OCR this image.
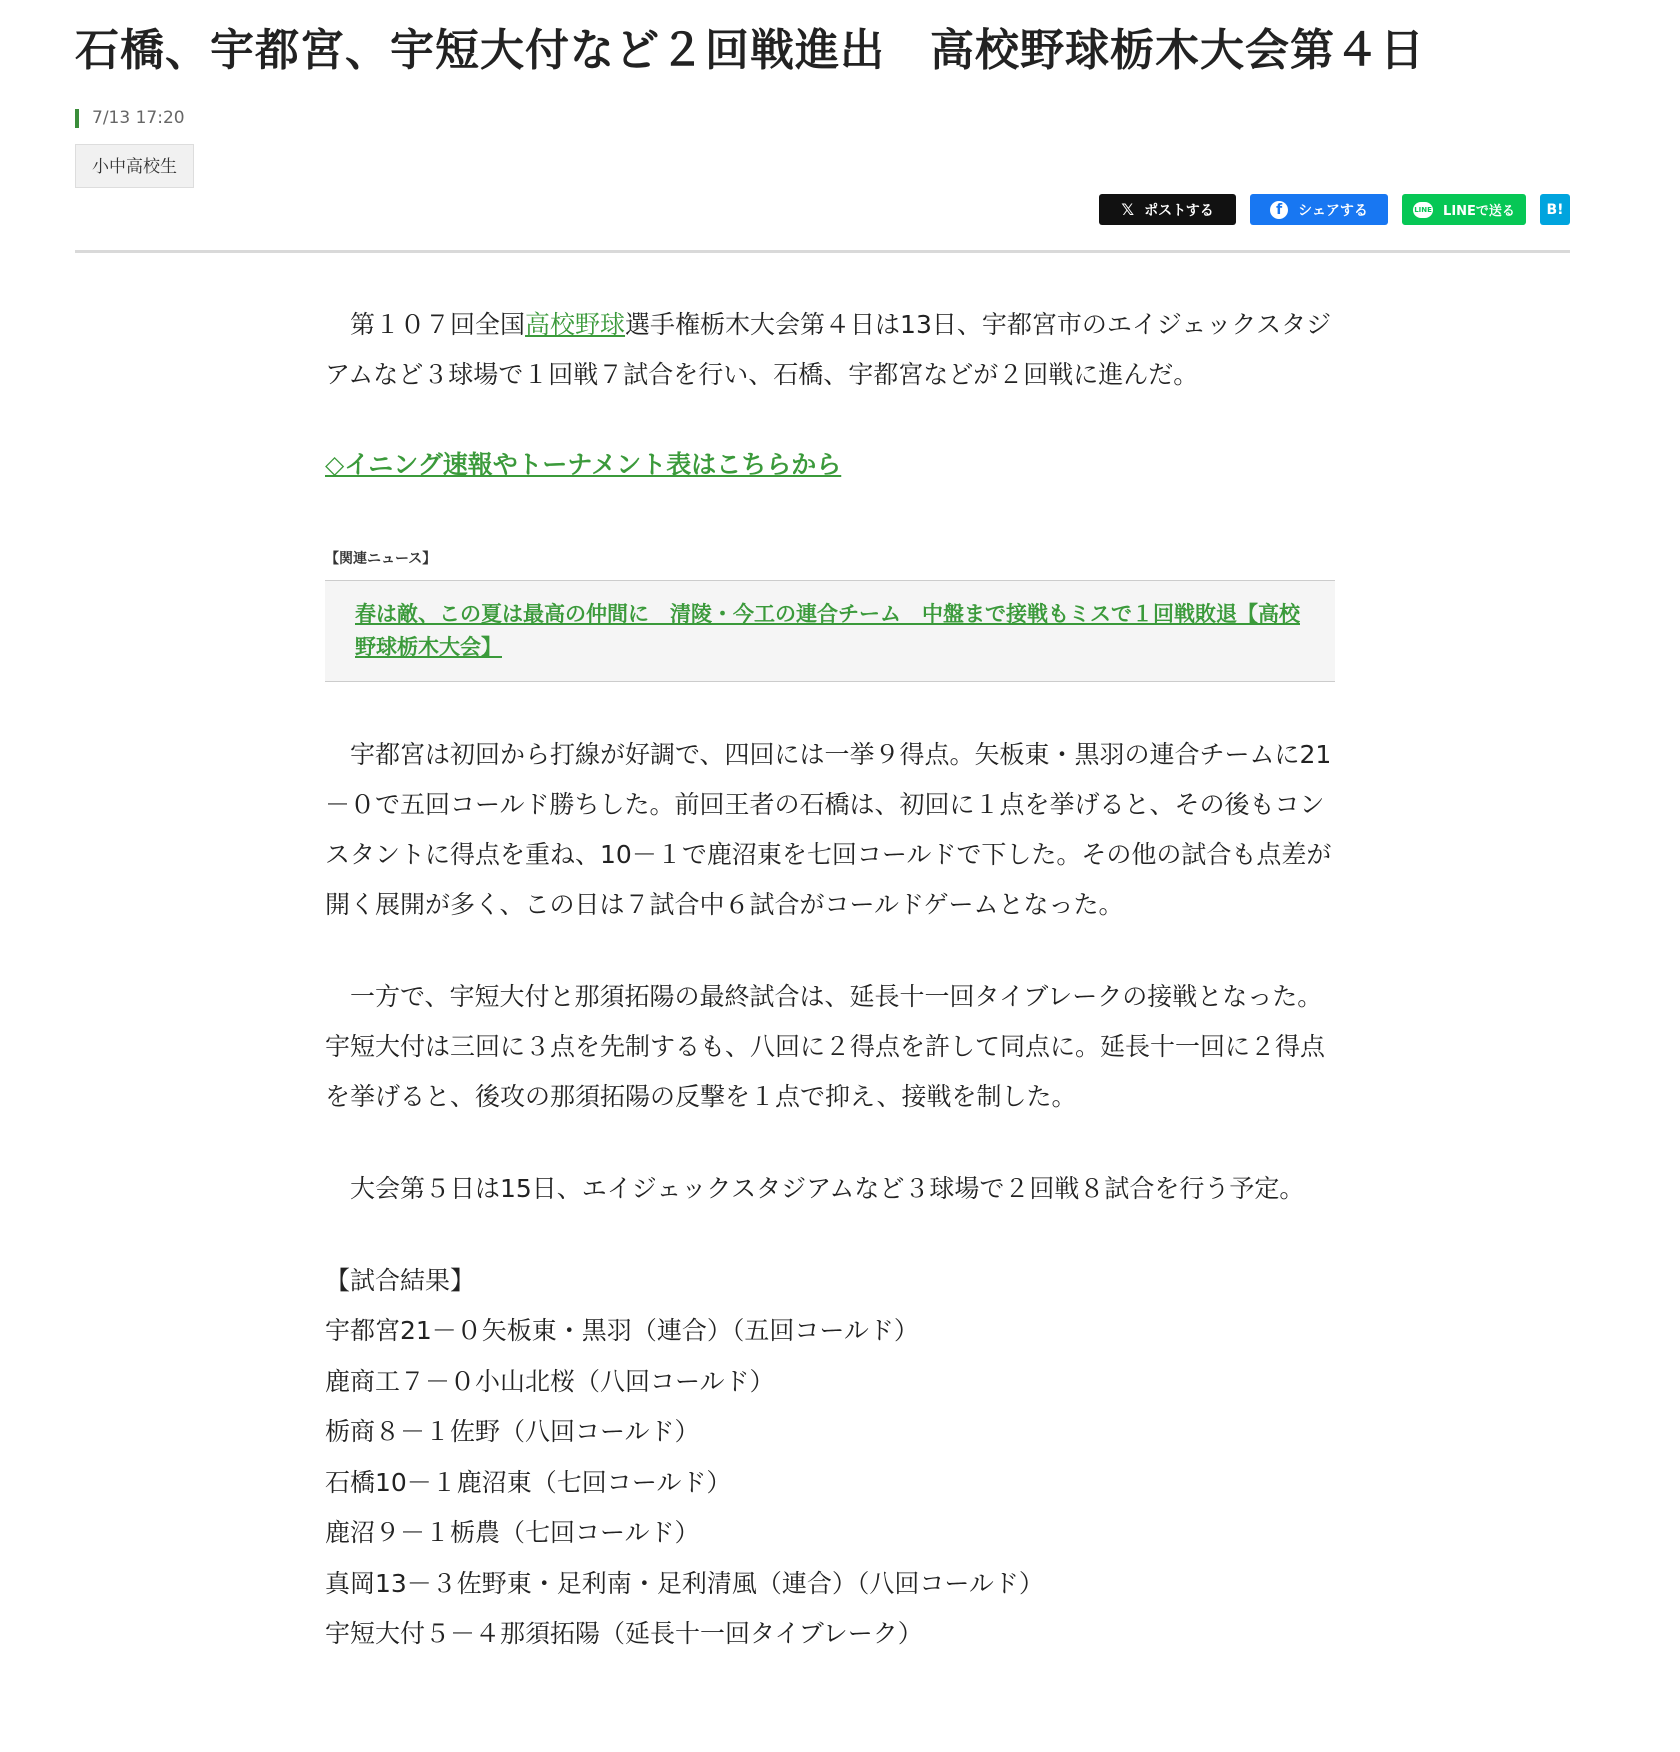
石橋、宇都宮、宇短大付など２回戦進出　高校野球栃木大会第４日
7/13 17:20
小中高校生
𝕏 ポストする	f	シェアする	LINE LINEで送る	B!

第１０７回全国高校野球選手権栃木大会第４日は13日、宇都宮市のエイジェックスタジアムなど３球場で１回戦７試合を行い、石橋、宇都宮などが２回戦に進んだ。

◇イニング速報やトーナメント表はこちらから
【関連ニュース】
春は敵、この夏は最高の仲間に　清陵・今工の連合チーム　中盤まで接戦もミスで１回戦敗退【高校野球栃木大会】

宇都宮は初回から打線が好調で、四回には一挙９得点。矢板東・黒羽の連合チームに21－０で五回コールド勝ちした。前回王者の石橋は、初回に１点を挙げると、その後もコンスタントに得点を重ね、10－１で鹿沼東を七回コールドで下した。その他の試合も点差が開く展開が多く、この日は７試合中６試合がコールドゲームとなった。

一方で、宇短大付と那須拓陽の最終試合は、延長十一回タイブレークの接戦となった。宇短大付は三回に３点を先制するも、八回に２得点を許して同点に。延長十一回に２得点を挙げると、後攻の那須拓陽の反撃を１点で抑え、接戦を制した。

大会第５日は15日、エイジェックスタジアムなど３球場で２回戦８試合を行う予定。

【試合結果】

宇都宮21－０矢板東・黒羽（連合）（五回コールド）
鹿商工７－０小山北桜（八回コールド）
栃商８－１佐野（八回コールド）
石橋10－１鹿沼東（七回コールド）
鹿沼９－１栃農（七回コールド）
真岡13－３佐野東・足利南・足利清風（連合）（八回コールド）
宇短大付５－４那須拓陽（延長十一回タイブレーク）
